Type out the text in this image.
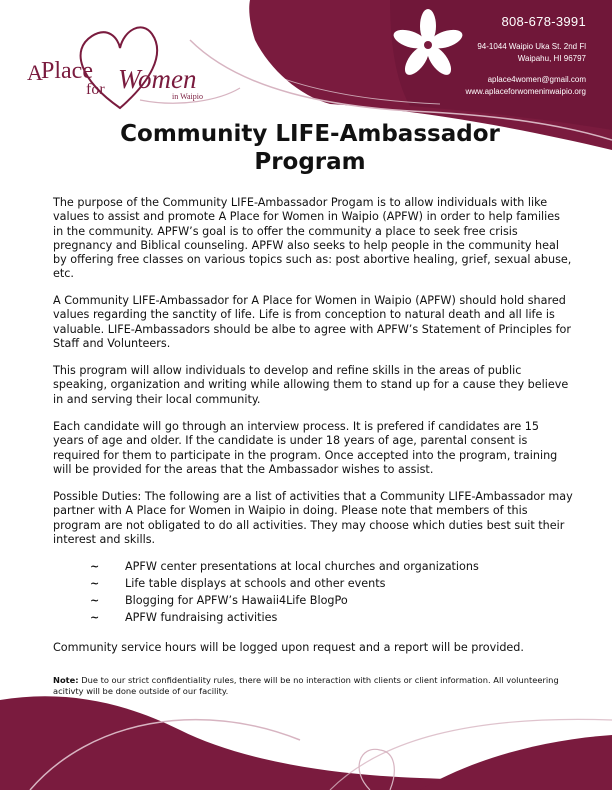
808-678-3991
94-1044 Waipio Uka St. 2nd Fl
Waipahu, HI 96797
aplace4women@gmail.com
www.aplaceforwomeninwaipio.org
A
Place
for Women
in Waipio
Community LIFE-Ambassador Program

The purpose of the Community LIFE-Ambassador Progam is to allow individuals with like values to assist and promote A Place for Women in Waipio (APFW) in order to help families in the community. APFW’s goal is to offer the community a place to seek free crisis pregnancy and Biblical counseling. APFW also seeks to help people in the community heal by offering free classes on various topics such as: post abortive healing, grief, sexual abuse, etc.

A Community LIFE-Ambassador for A Place for Women in Waipio (APFW) should hold shared values regarding the sanctity of life. Life is from conception to natural death and all life is valuable. LIFE-Ambassadors should be albe to agree with APFW’s Statement of Principles for Staff and Volunteers.

This program will allow individuals to develop and refine skills in the areas of public speaking, organization and writing while allowing them to stand up for a cause they believe in and serving their local community.

Each candidate will go through an interview process. It is prefered if candidates are 15 years of age and older. If the candidate is under 18 years of age, parental consent is required for them to participate in the program. Once accepted into the program, training will be provided for the areas that the Ambassador wishes to assist.

Possible Duties: The following are a list of activities that a Community LIFE-Ambassador may partner with A Place for Women in Waipio in doing. Please note that members of this program are not obligated to do all activities. They may choose which duties best suit their interest and skills.

~ APFW center presentations at local churches and organizations
~ Life table displays at schools and other events
~ Blogging for APFW’s Hawaii4Life BlogPo
~ APFW fundraising activities

Community service hours will be logged upon request and a report will be provided.

Note: Due to our strict confidentiality rules, there will be no interaction with clients or client information. All volunteering acitivty will be done outside of our facility.
